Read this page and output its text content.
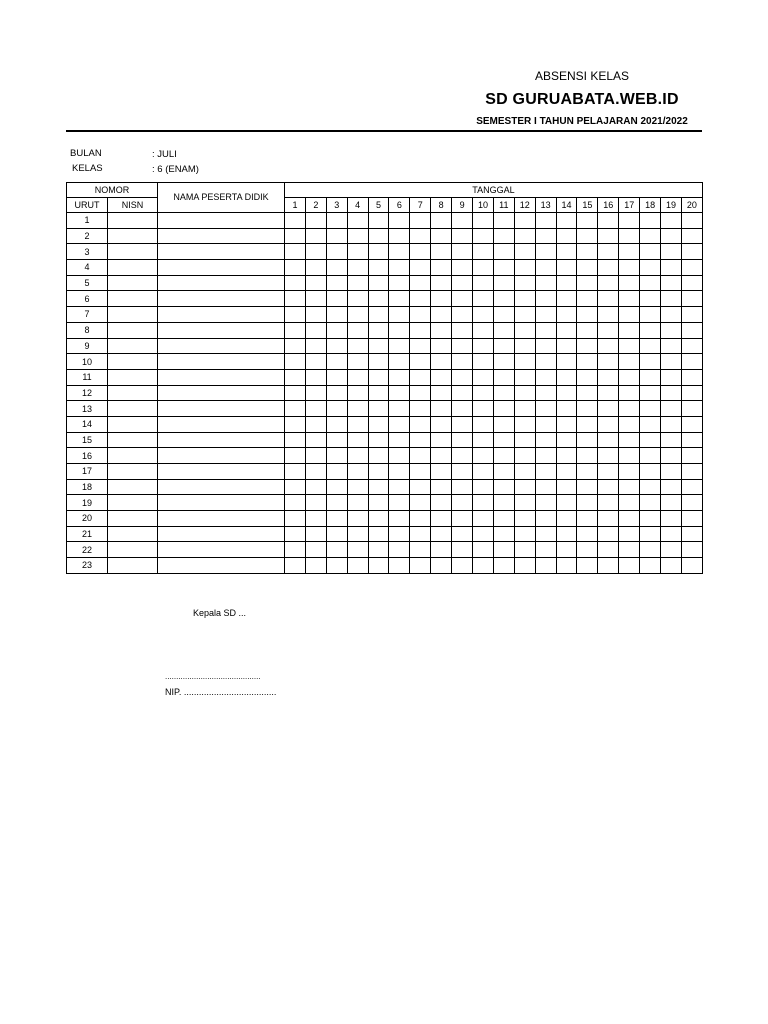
ABSENSI KELAS
SD GURUABATA.WEB.ID
SEMESTER I TAHUN PELAJARAN 2021/2022
BULAN	: JULI
KELAS	: 6 (ENAM)
NOMOR		NAMA PESERTA DIDIK	TANGGAL																			
URUT	NISN		1	2	3	4	5	6	7	8	9	10	11	12	13	14	15	16	17	18	19	20
1																						
2																						
3																						
4																						
5																						
6																						
7																						
8																						
9																						
10																						
11																						
12																						
13																						
14																						
15																						
16																						
17																						
18																						
19																						
20																						
21																						
22																						
23																						
Kepala SD ...
...........................................
NIP. .....................................
